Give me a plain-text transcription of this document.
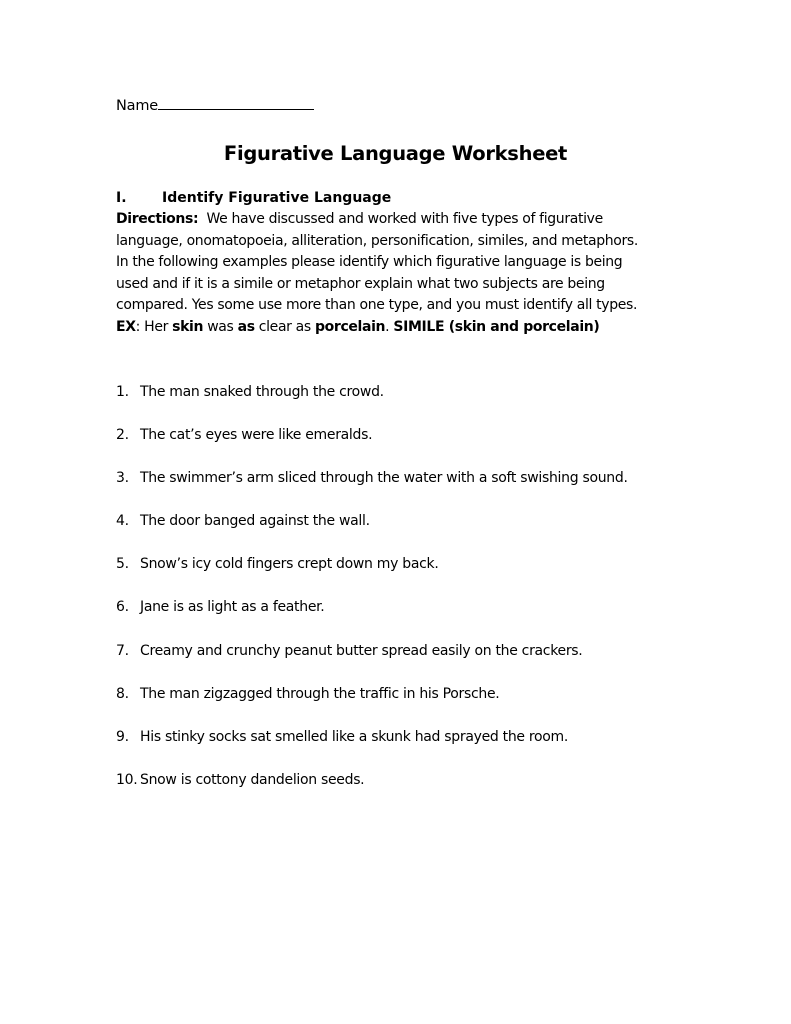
Name
Figurative Language Worksheet
I.	Identify Figurative Language
Directions: We have discussed and worked with five types of figurative
language, onomatopoeia, alliteration, personification, similes, and metaphors.
In the following examples please identify which figurative language is being
used and if it is a simile or metaphor explain what two subjects are being
compared. Yes some use more than one type, and you must identify all types.
EX: Her skin was as clear as porcelain. SIMILE (skin and porcelain)
1. The man snaked through the crowd.
2. The cat’s eyes were like emeralds.
3. The swimmer’s arm sliced through the water with a soft swishing sound.
4. The door banged against the wall.
5. Snow’s icy cold fingers crept down my back.
6. Jane is as light as a feather.
7. Creamy and crunchy peanut butter spread easily on the crackers.
8. The man zigzagged through the traffic in his Porsche.
9. His stinky socks sat smelled like a skunk had sprayed the room.
10. Snow is cottony dandelion seeds.
